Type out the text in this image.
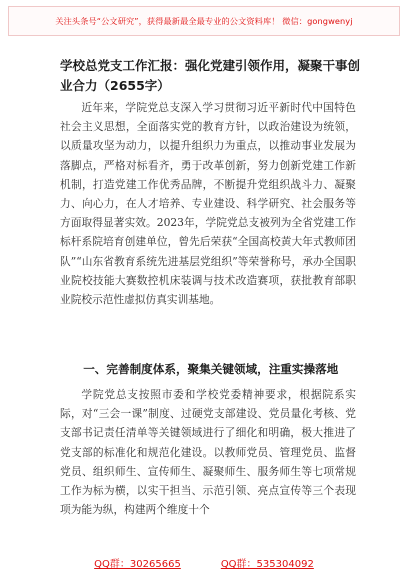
关注头条号“公文研究”，获得最新最全最专业的公文资料库！ 微信：gongwenyj
学校总党支工作汇报：强化党建引领作用，凝聚干事创业合力（2655字）

近年来，学院党总支深入学习贯彻习近平新时代中国特色社会主义思想，全面落实党的教育方针，以政治建设为统领，以质量攻坚为动力，以提升组织力为重点，以推动事业发展为落脚点，严格对标看齐，勇于改革创新，努力创新党建工作新机制，打造党建工作优秀品牌，不断提升党组织战斗力、凝聚力、向心力，在人才培养、专业建设、科学研究、社会服务等方面取得显著实效。2023年，学院党总支被列为全省党建工作标杆系院培育创建单位，曾先后荣获“全国高校黄大年式教师团队”“山东省教育系统先进基层党组织”等荣誉称号，承办全国职业院校技能大赛数控机床装调与技术改造赛项，获批教育部职业院校示范性虚拟仿真实训基地。

一、完善制度体系，聚集关键领域，注重实操落地

学院党总支按照市委和学校党委精神要求，根据院系实际，对“三会一课”制度、过硬党支部建设、党员量化考核、党支部书记责任清单等关键领域进行了细化和明确，极大推进了党支部的标准化和规范化建设。以教师党员、管理党员、监督党员、组织师生、宣传师生、凝聚师生、服务师生等七项常规工作为标为横，以实干担当、示范引领、亮点宣传等三个表现项为能为纵，构建两个维度十个

QQ群：30265665	QQ群：535304092
